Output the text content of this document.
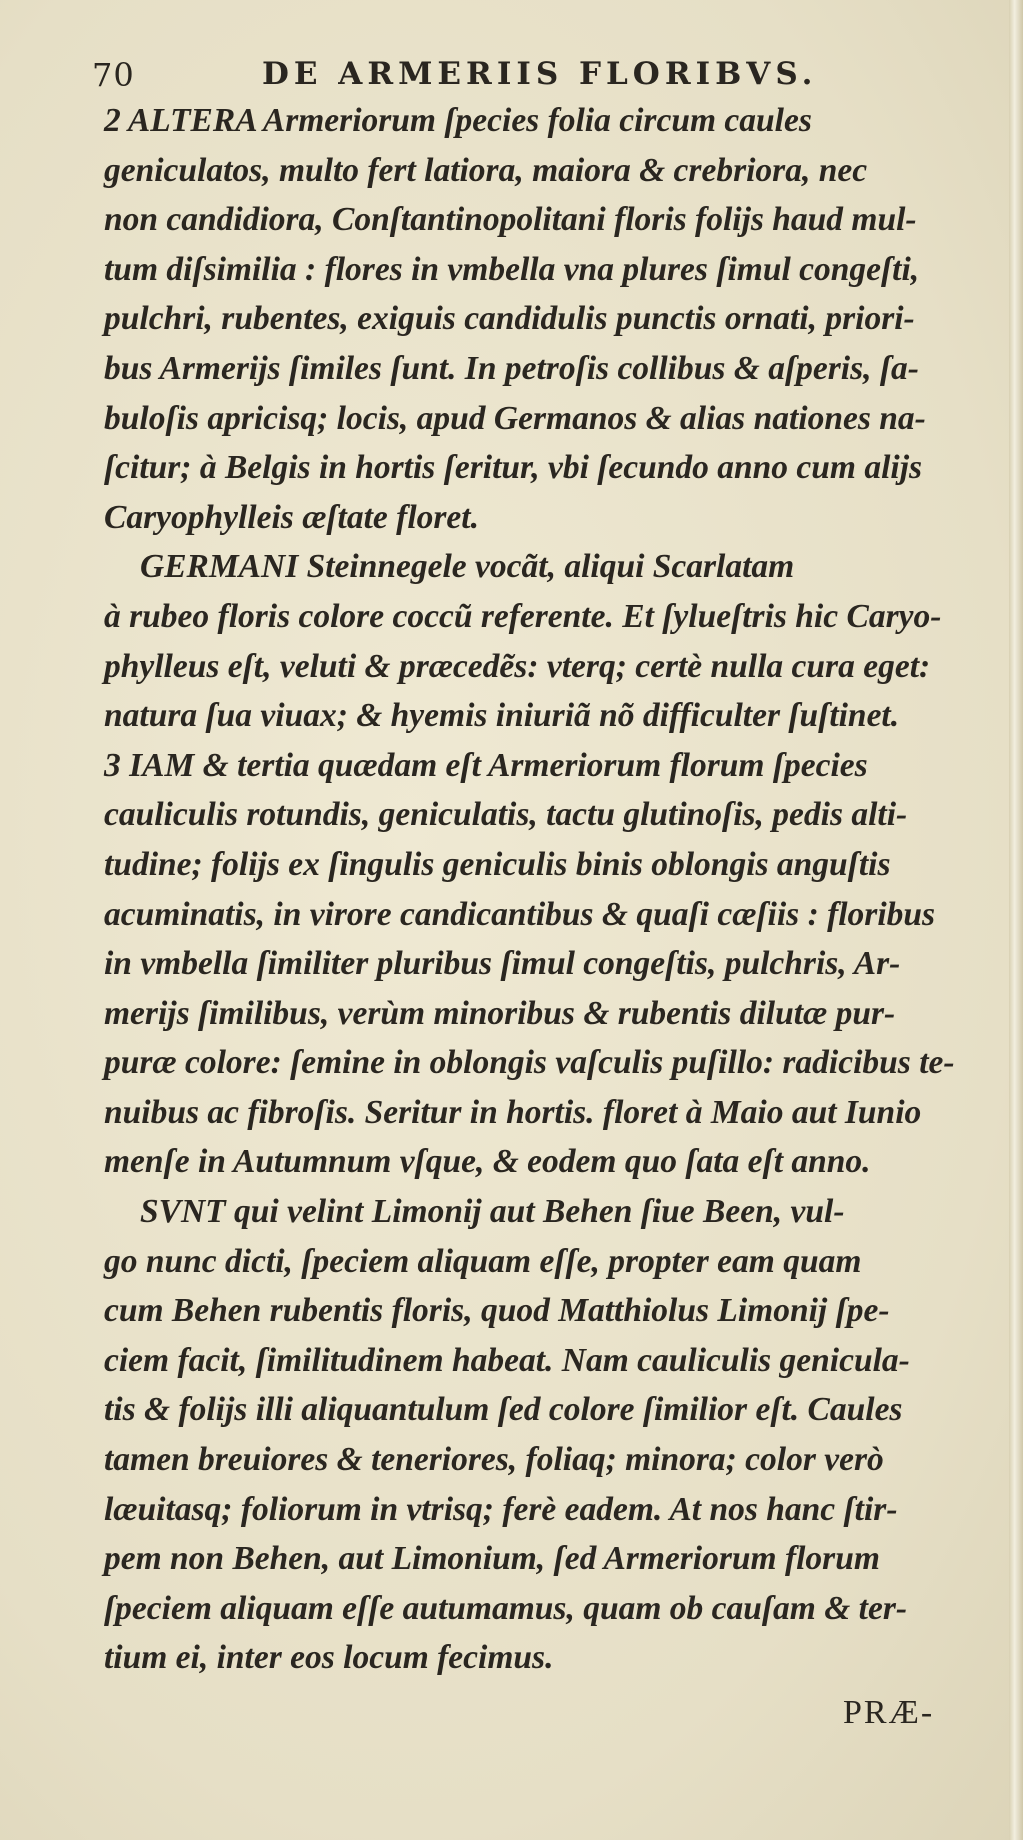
70	DE ARMERIIS FLORIBVS.
2 ALTERA Armeriorum ſpecies folia circum caules
geniculatos, multo fert latiora, maiora & crebriora, nec
non candidiora, Conſtantinopolitani floris folijs haud mul-
tum diſsimilia : flores in vmbella vna plures ſimul congeſti,
pulchri, rubentes, exiguis candidulis punctis ornati, priori-
bus Armerijs ſimiles ſunt. In petroſis collibus & aſperis, ſa-
buloſis apricisq; locis, apud Germanos & alias nationes na-
ſcitur; à Belgis in hortis ſeritur, vbi ſecundo anno cum alijs
Caryophylleis æſtate floret.
GERMANI Steinnegele vocãt, aliqui Scarlatam
à rubeo floris colore coccũ referente. Et ſylueſtris hic Caryo-
phylleus eſt, veluti & præcedẽs: vterq; certè nulla cura eget:
natura ſua viuax; & hyemis iniuriã nõ difficulter ſuſtinet.
3 IAM & tertia quædam eſt Armeriorum florum ſpecies
cauliculis rotundis, geniculatis, tactu glutinoſis, pedis alti-
tudine; folijs ex ſingulis geniculis binis oblongis anguſtis
acuminatis, in virore candicantibus & quaſi cæſiis : floribus
in vmbella ſimiliter pluribus ſimul congeſtis, pulchris, Ar-
merijs ſimilibus, verùm minoribus & rubentis dilutæ pur-
puræ colore: ſemine in oblongis vaſculis puſillo: radicibus te-
nuibus ac fibroſis. Seritur in hortis. floret à Maio aut Iunio
menſe in Autumnum vſque, & eodem quo ſata eſt anno.
SVNT qui velint Limonij aut Behen ſiue Been, vul-
go nunc dicti, ſpeciem aliquam eſſe, propter eam quam
cum Behen rubentis floris, quod Matthiolus Limonij ſpe-
ciem facit, ſimilitudinem habeat. Nam cauliculis genicula-
tis & folijs illi aliquantulum ſed colore ſimilior eſt. Caules
tamen breuiores & teneriores, foliaq; minora; color verò
læuitasq; foliorum in vtrisq; ferè eadem. At nos hanc ſtir-
pem non Behen, aut Limonium, ſed Armeriorum florum
ſpeciem aliquam eſſe autumamus, quam ob cauſam & ter-
tium ei, inter eos locum fecimus.
PRÆ-
